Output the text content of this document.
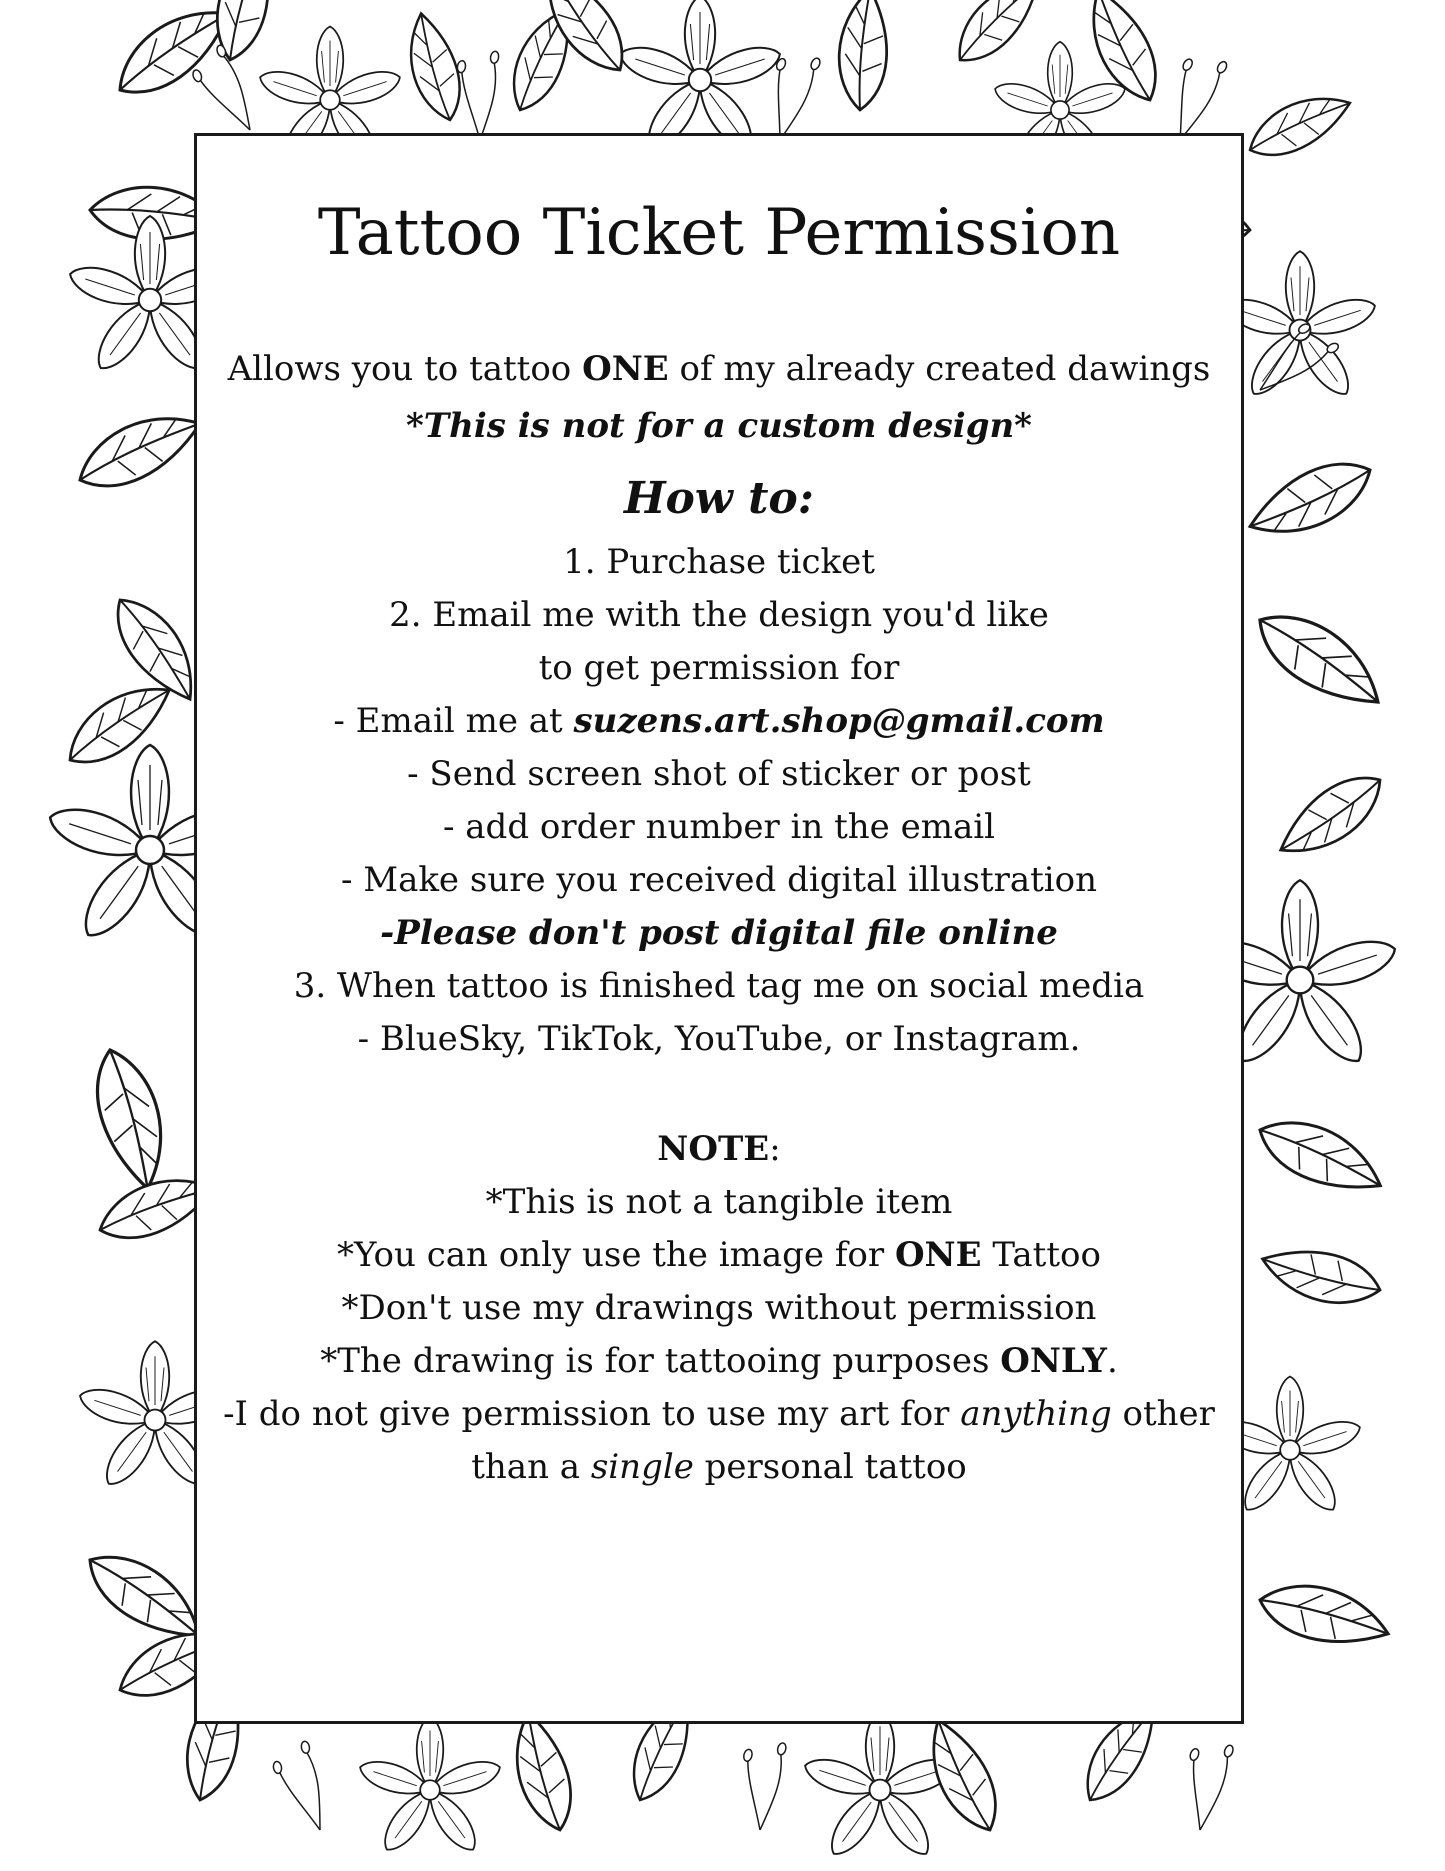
Tattoo Ticket Permission
Allows you to tattoo ONE of my already created dawings
*This is not for a custom design*
How to:
1. Purchase ticket
2. Email me with the design you'd like
to get permission for
- Email me at suzens.art.shop@gmail.com
- Send screen shot of sticker or post
- add order number in the email
- Make sure you received digital illustration
-Please don't post digital file online
3. When tattoo is finished tag me on social media
- BlueSky, TikTok, YouTube, or Instagram.
NOTE:
*This is not a tangible item
*You can only use the image for ONE Tattoo
*Don't use my drawings without permission
*The drawing is for tattooing purposes ONLY.
-I do not give permission to use my art for anything other
than a single personal tattoo
